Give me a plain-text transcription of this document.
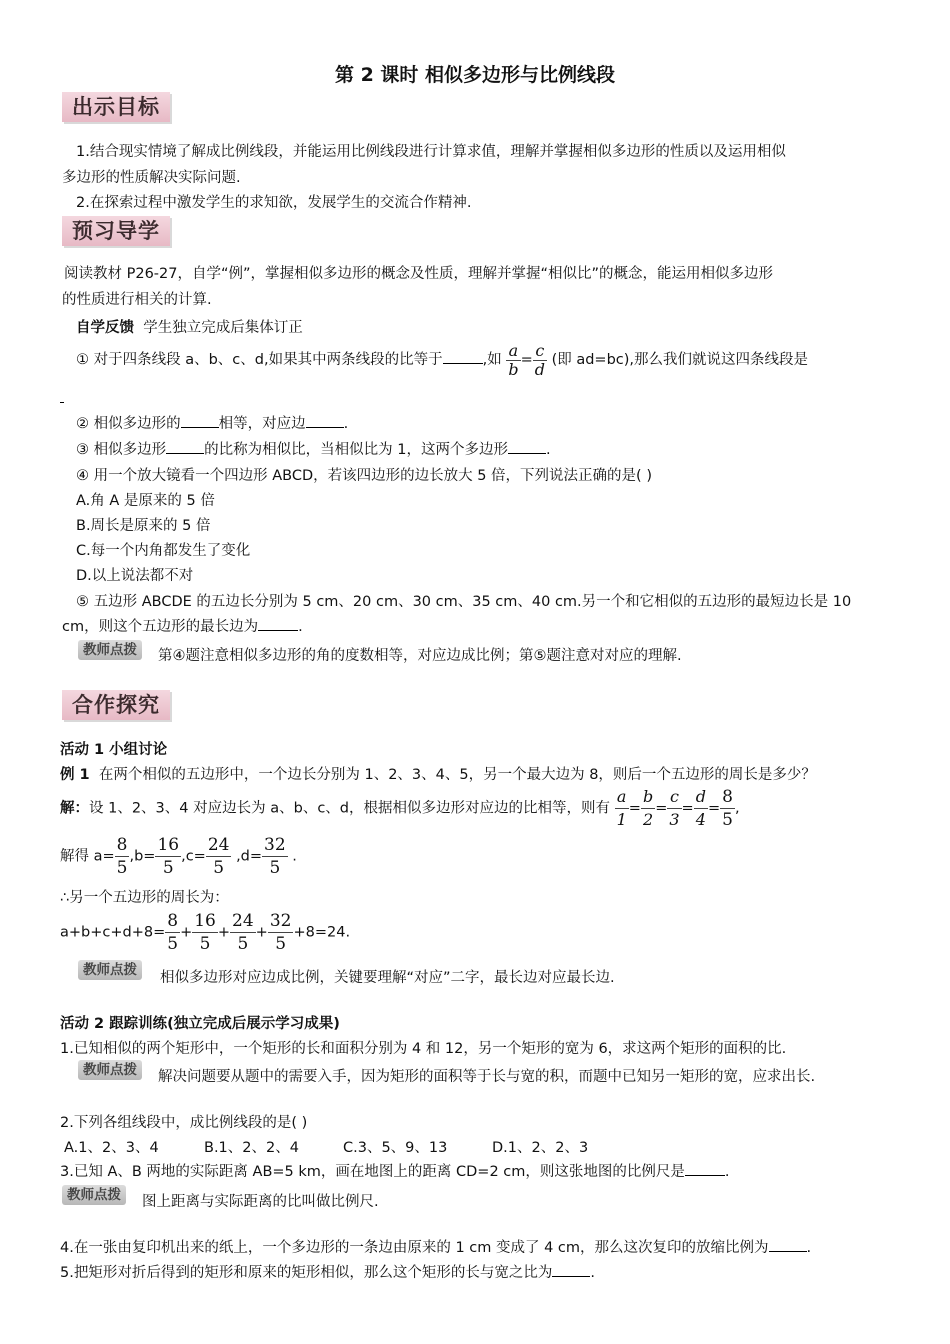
第 2 课时 相似多边形与比例线段
出示目标
1.结合现实情境了解成比例线段，并能运用比例线段进行计算求值，理解并掌握相似多边形的性质以及运用相似
多边形的性质解决实际问题.
2.在探索过程中激发学生的求知欲，发展学生的交流合作精神.
预习导学
阅读教材 P26-27，自学“例”，掌握相似多边形的概念及性质，理解并掌握“相似比”的概念，能运用相似多边形
的性质进行相关的计算.
自学反馈 学生独立完成后集体订正
① 对于四条线段 a、b、c、d,如果其中两条线段的比等于	,如 $\frac{a}{b} = \frac{c}{d}$ (即 ad=bc),那么我们就说这四条线段是
② 相似多边形的	相等，对应边	.
③ 相似多边形	的比称为相似比，当相似比为 1，这两个多边形	.
④ 用一个放大镜看一个四边形 ABCD，若该四边形的边长放大 5 倍，下列说法正确的是( )
A.角 A 是原来的 5 倍
B.周长是原来的 5 倍
C.每一个内角都发生了变化
D.以上说法都不对
⑤ 五边形 ABCDE 的五边长分别为 5 cm、20 cm、30 cm、35 cm、40 cm.另一个和它相似的五边形的最短边长是 10
cm，则这个五边形的最长边为	.
教师点拨	第④题注意相似多边形的角的度数相等，对应边成比例；第⑤题注意对对应的理解.
合作探究
活动 1 小组讨论
例 1 在两个相似的五边形中，一个边长分别为 1、2、3、4、5，另一个最大边为 8，则后一个五边形的周长是多少？
解：设 1、2、3、4 对应边长为 a、b、c、d，根据相似多边形对应边的比相等，则有 $\frac{a}{1} = \frac{b}{2} = \frac{c}{3} = \frac{d}{4} = \frac{8}{5}$ ,
解得 $a= \frac{8}{5} ,b= \frac{16}{5} ,c= \frac{24}{5} ,d= \frac{32}{5}$ .
∴另一个五边形的周长为：
$a+b+c+d+8= \frac{8}{5} + \frac{16}{5} + \frac{24}{5} + \frac{32}{5} +8=24$.
教师点拨	相似多边形对应边成比例，关键要理解“对应”二字，最长边对应最长边.
活动 2 跟踪训练(独立完成后展示学习成果)
1.已知相似的两个矩形中，一个矩形的长和面积分别为 4 和 12，另一个矩形的宽为 6，求这两个矩形的面积的比.
教师点拨	解决问题要从题中的需要入手，因为矩形的面积等于长与宽的积，而题中已知另一矩形的宽，应求出长.
2.下列各组线段中，成比例线段的是( )
A.1、2、3、4	B.1、2、2、4	C.3、5、9、13	D.1、2、2、3
3.已知 A、B 两地的实际距离 AB=5 km，画在地图上的距离 CD=2 cm，则这张地图的比例尺是	.
教师点拨	图上距离与实际距离的比叫做比例尺.
4.在一张由复印机出来的纸上，一个多边形的一条边由原来的 1 cm 变成了 4 cm，那么这次复印的放缩比例为	.
5.把矩形对折后得到的矩形和原来的矩形相似，那么这个矩形的长与宽之比为	.
